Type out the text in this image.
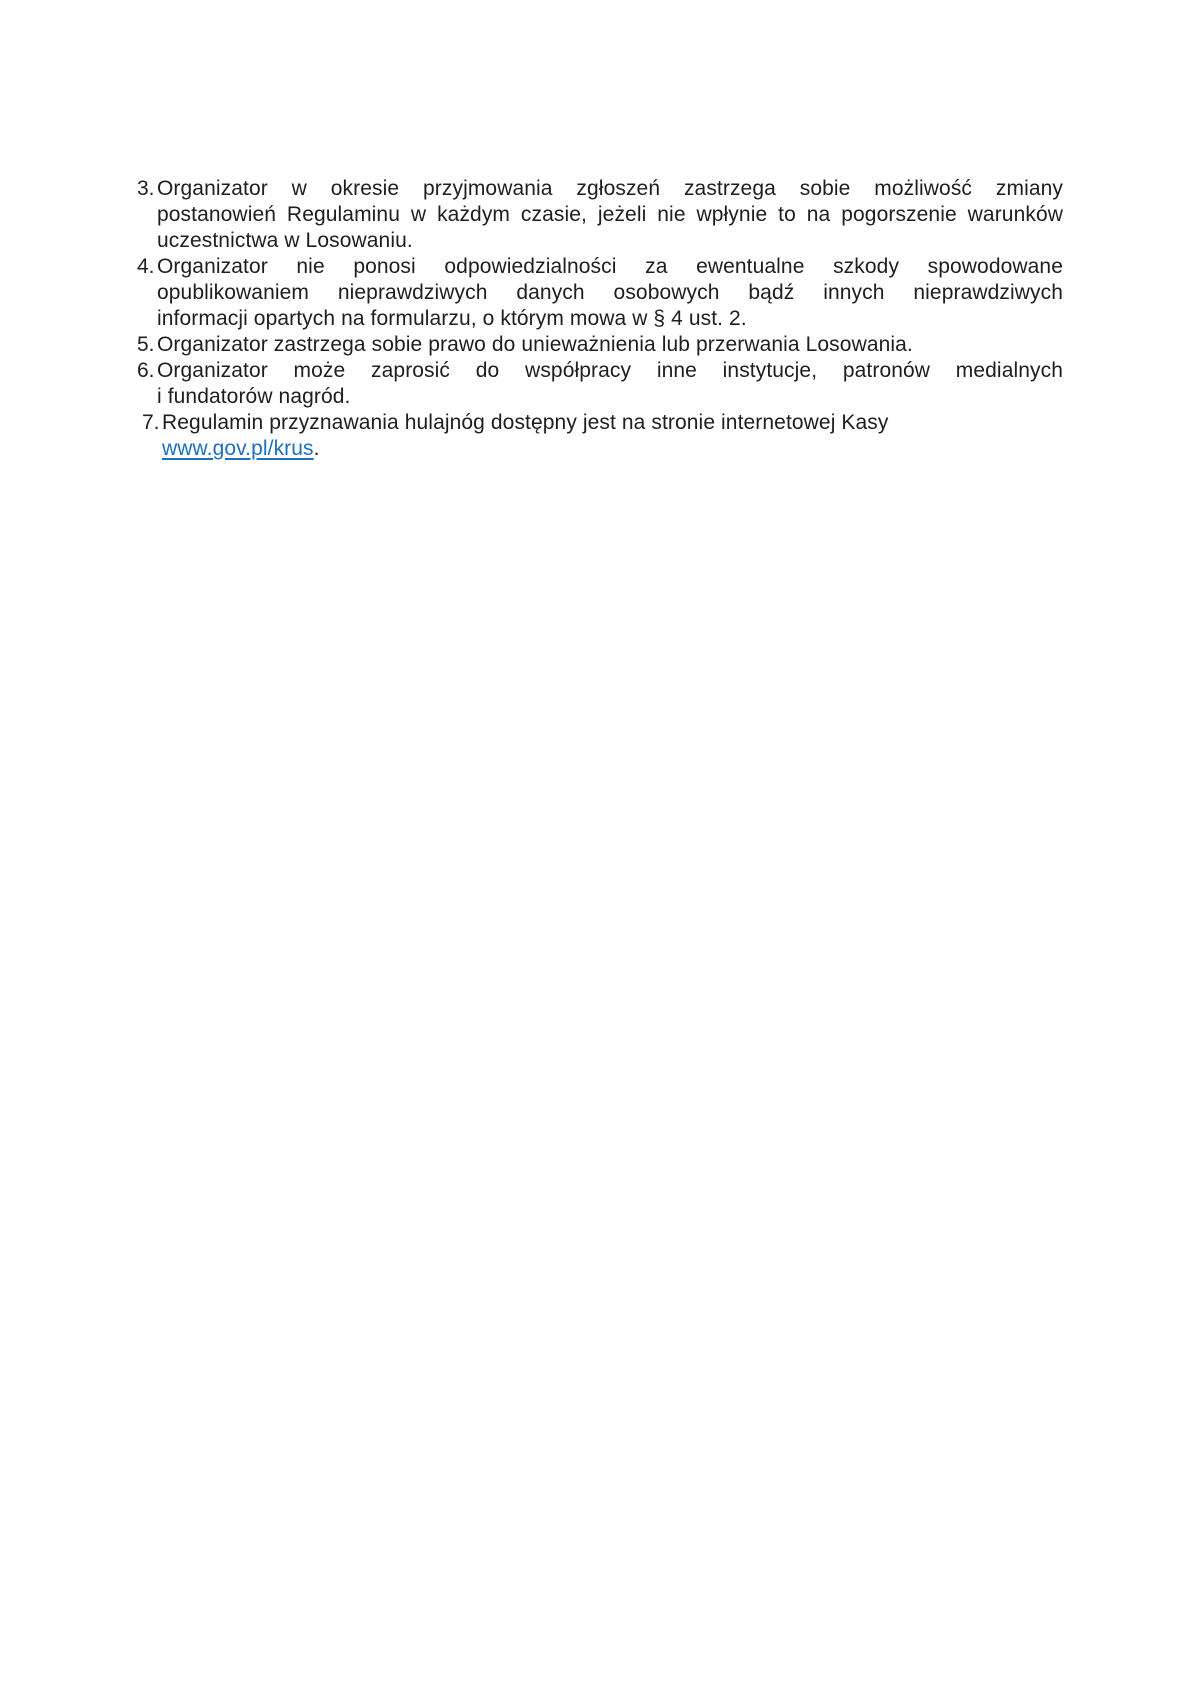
3. Organizator w okresie przyjmowania zgłoszeń zastrzega sobie możliwość zmiany
postanowień Regulaminu w każdym czasie, jeżeli nie wpłynie to na pogorszenie warunków
uczestnictwa w Losowaniu.
4. Organizator nie ponosi odpowiedzialności za ewentualne szkody spowodowane
opublikowaniem nieprawdziwych danych osobowych bądź innych nieprawdziwych
informacji opartych na formularzu, o którym mowa w § 4 ust. 2.
5. Organizator zastrzega sobie prawo do unieważnienia lub przerwania Losowania.
6. Organizator może zaprosić do współpracy inne instytucje, patronów medialnych
i fundatorów nagród.
7. Regulamin przyznawania hulajnóg dostępny jest na stronie internetowej Kasy
www.gov.pl/krus.
